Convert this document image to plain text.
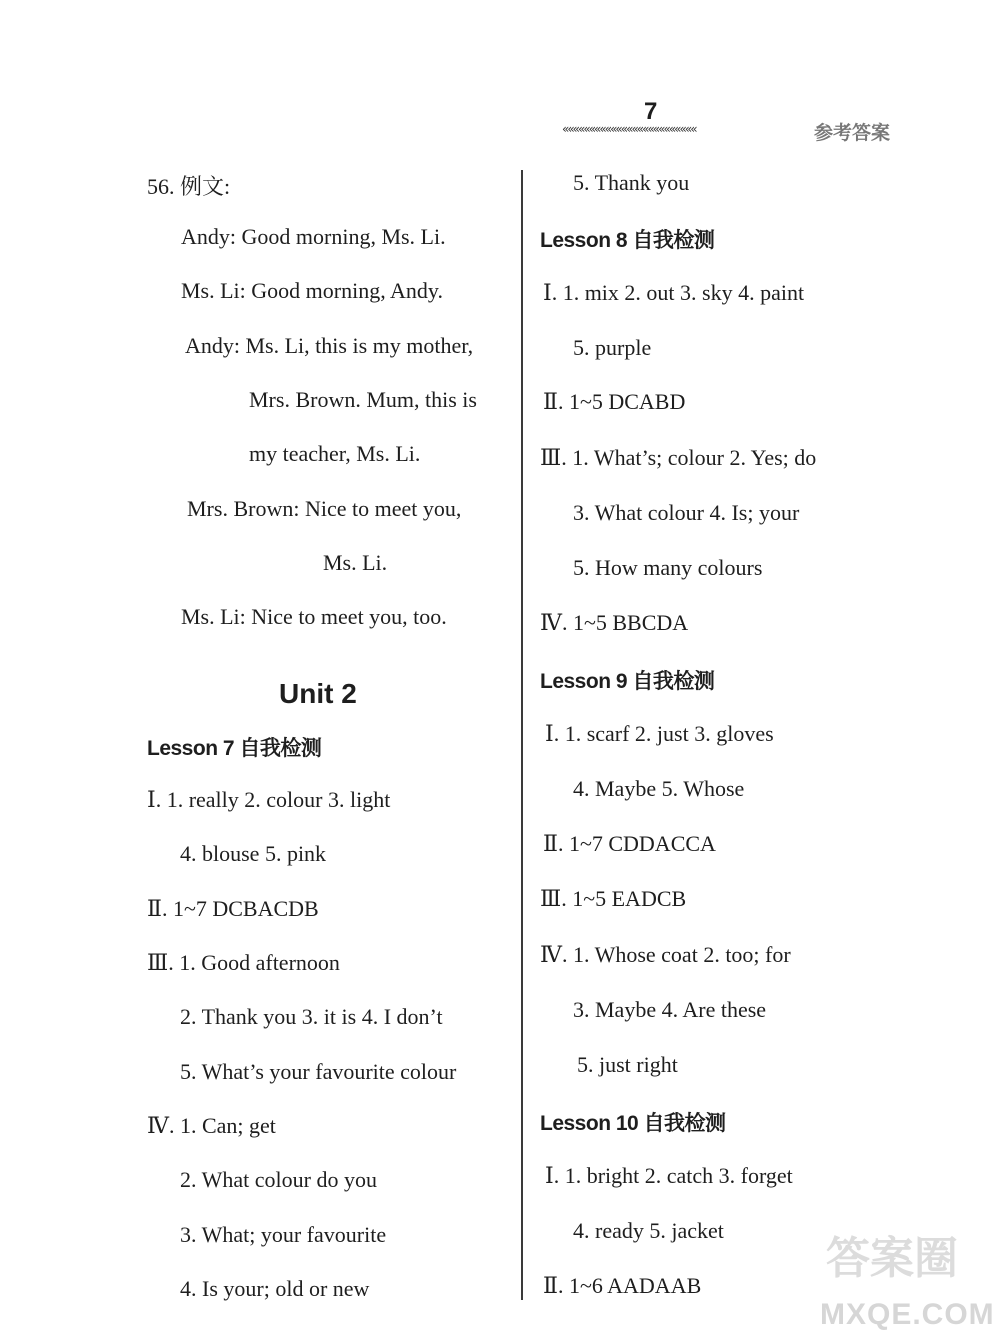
7
«««««««««««««««««««««««««	参考答案
56. 例文:
Andy: Good morning, Ms. Li.
Ms. Li: Good morning, Andy.
Andy: Ms. Li, this is my mother,
Mrs. Brown. Mum, this is
my teacher, Ms. Li.
Mrs. Brown: Nice to meet you,
Ms. Li.
Ms. Li: Nice to meet you, too.
Unit 2
Lesson 7 自我检测
Ⅰ. 1. really 2. colour 3. light
4. blouse 5. pink
Ⅱ. 1~7 DCBACDB
Ⅲ. 1. Good afternoon
2. Thank you 3. it is 4. I don’t
5. What’s your favourite colour
Ⅳ. 1. Can; get
2. What colour do you
3. What; your favourite
4. Is your; old or new
5. Thank you
Lesson 8 自我检测
Ⅰ. 1. mix 2. out 3. sky 4. paint
5. purple
Ⅱ. 1~5 DCABD
Ⅲ. 1. What’s; colour 2. Yes; do
3. What colour 4. Is; your
5. How many colours
Ⅳ. 1~5 BBCDA
Lesson 9 自我检测
Ⅰ. 1. scarf 2. just 3. gloves
4. Maybe 5. Whose
Ⅱ. 1~7 CDDACCA
Ⅲ. 1~5 EADCB
Ⅳ. 1. Whose coat 2. too; for
3. Maybe 4. Are these
5. just right
Lesson 10 自我检测
Ⅰ. 1. bright 2. catch 3. forget
4. ready 5. jacket
Ⅱ. 1~6 AADAAB
答案圈
MXQE.COM
